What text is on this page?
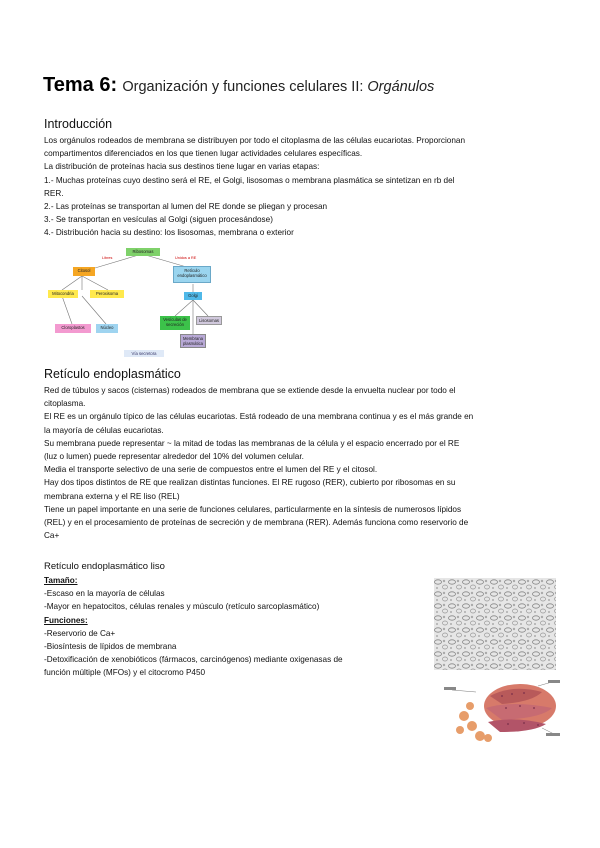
Tema 6: Organización y funciones celulares II: Orgánulos
Introducción
Los orgánulos rodeados de membrana se distribuyen por todo el citoplasma de las células eucariotas. Proporcionan
compartimentos diferenciados en los que tienen lugar actividades celulares específicas.
La distribución de proteínas hacia sus destinos tiene lugar en varias etapas:
1.- Muchas proteínas cuyo destino será el RE, el Golgi, lisosomas o membrana plasmática se sintetizan en rb del
RER.
2.- Las proteínas se transportan al lumen del RE donde se pliegan y procesan
3.- Se transportan en vesículas al Golgi (siguen procesándose)
4.- Distribución hacia su destino: los lisosomas, membrana o exterior
Ribosomas
Libres	Unidos a RE
Citosol	Retículo endoplasmático
Mitocondria	Peroxisoma
Cloroplastos	Núcleo
Golgi
Lisosomas
Vesículas de secreción
Membrana plasmática
Vía secretora
Retículo endoplasmático
Red de túbulos y sacos (cisternas) rodeados de membrana que se extiende desde la envuelta nuclear por todo el
citoplasma.
El RE es un orgánulo típico de las células eucariotas. Está rodeado de una membrana continua y es el más grande en
la mayoría de células eucariotas.
Su membrana puede representar ~ la mitad de todas las membranas de la célula y el espacio encerrado por el RE
(luz o lumen) puede representar alrededor del 10% del volumen celular.
Media el transporte selectivo de una serie de compuestos entre el lumen del RE y el citosol.
Hay dos tipos distintos de RE que realizan distintas funciones. El RE rugoso (RER), cubierto por ribosomas en su
membrana externa y el RE liso (REL)
Tiene un papel importante en una serie de funciones celulares, particularmente en la síntesis de numerosos lípidos
(REL) y en el procesamiento de proteínas de secreción y de membrana (RER). Además funciona como reservorio de
Ca+
Retículo endoplasmático liso
Tamaño:
-Escaso en la mayoría de células
-Mayor en hepatocitos, células renales y músculo (retículo sarcoplasmático)
Funciones:
-Reservorio de Ca+
-Biosíntesis de lípidos de membrana
-Detoxificación de xenobióticos (fármacos, carcinógenos) mediante oxigenasas de
función múltiple (MFOs) y el citocromo P450
